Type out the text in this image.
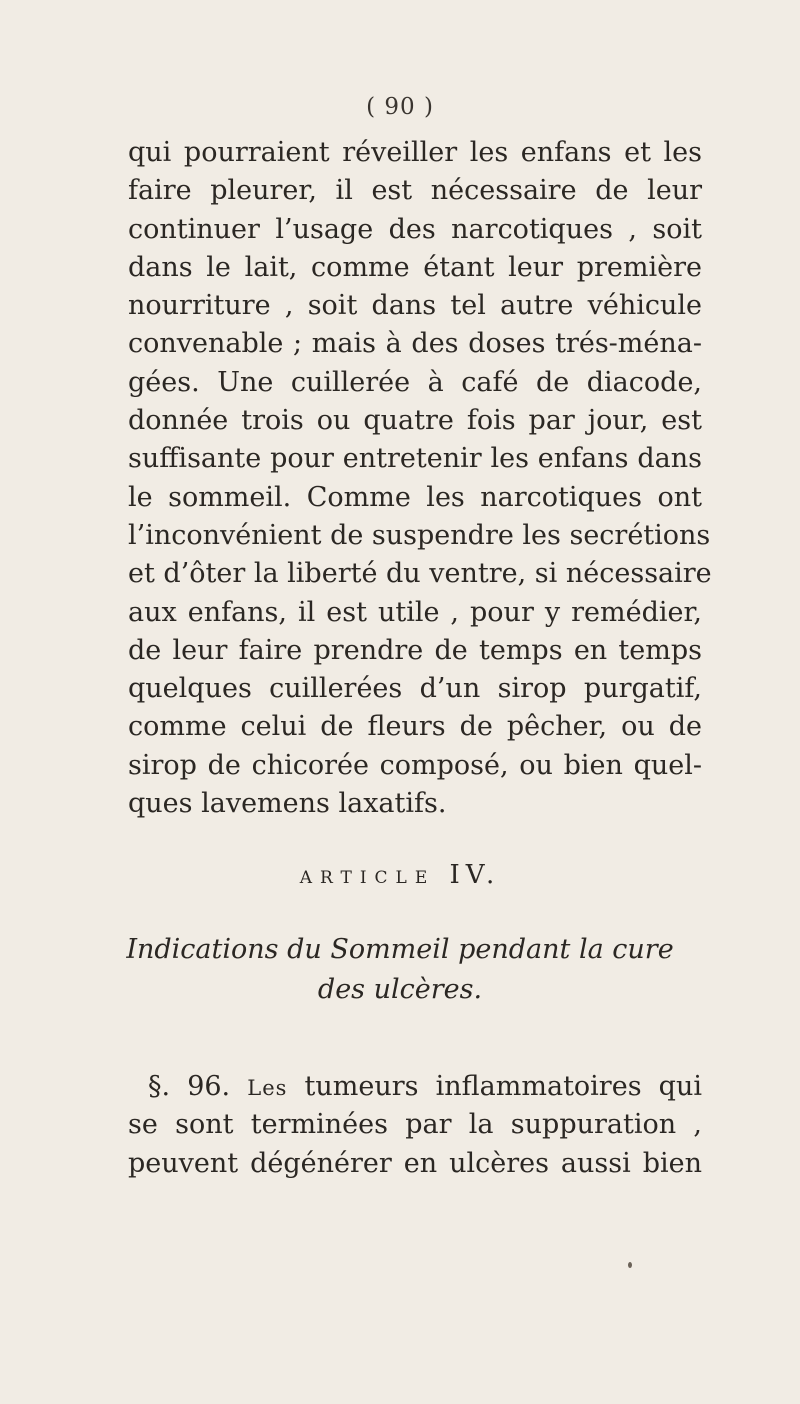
( 90 )
qui pourraient réveiller les enfans et les
faire pleurer, il est nécessaire de leur
continuer l’usage des narcotiques , soit
dans le lait, comme étant leur première
nourriture , soit dans tel autre véhicule
convenable ; mais à des doses trés-ména-
gées. Une cuillerée à café de diacode,
donnée trois ou quatre fois par jour, est
suffisante pour entretenir les enfans dans
le sommeil. Comme les narcotiques ont
l’inconvénient de suspendre les secrétions
et d’ôter la liberté du ventre, si nécessaire
aux enfans, il est utile , pour y remédier,
de leur faire prendre de temps en temps
quelques cuillerées d’un sirop purgatif,
comme celui de fleurs de pêcher, ou de
sirop de chicorée composé, ou bien quel-
ques lavemens laxatifs.
ARTICLE IV.
Indications du Sommeil pendant la cure
des ulcères.
§. 96. Les tumeurs inflammatoires qui
se sont terminées par la suppuration ,
peuvent dégénérer en ulcères aussi bien
